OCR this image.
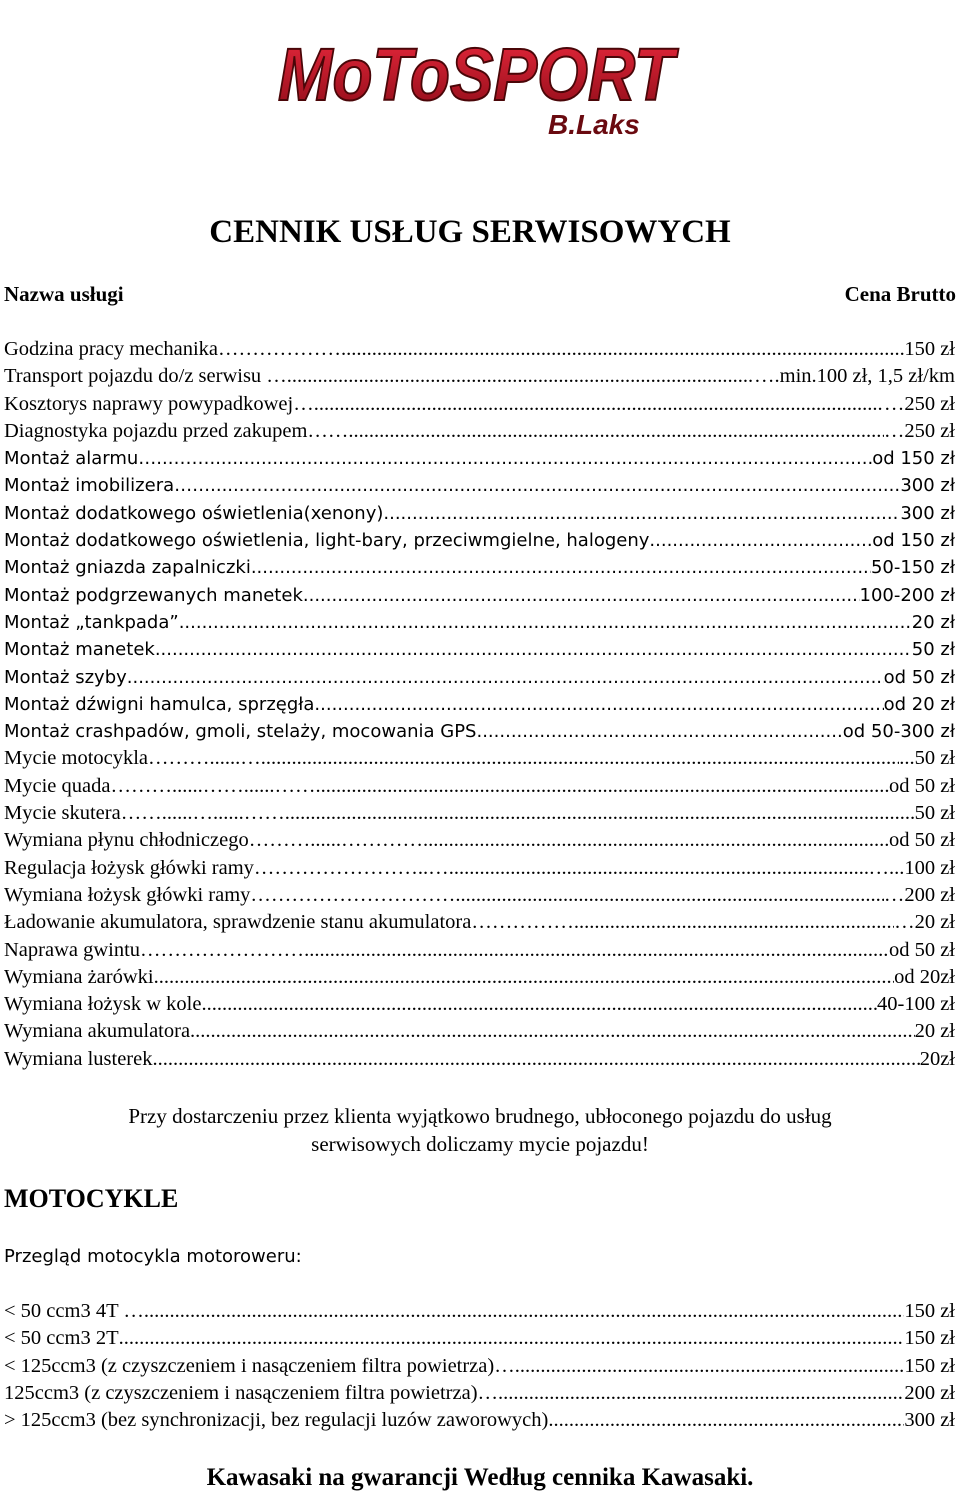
MoToSPORT
B.Laks
CENNIK USŁUG SERWISOWYCH
Nazwa usługi	Cena Brutto
Godzina pracy mechanika……………… .....	150 zł
Transport pojazdu do/z serwisu … .....	….min.100 zł, 1,5 zł/km
Kosztorys naprawy powypadkowej… .....	…250 zł
Diagnostyka pojazdu przed zakupem…… .....	…250 zł
Montaż alarmu…...…… .....	od 150 zł
Montaż imobilizera……......………… .....	300 zł
Montaż dodatkowego oświetlenia(xenony) .....	300 zł
Montaż dodatkowego oświetlenia, light-bary, przeciwmgielne, halogeny .....	od 150 zł
Montaż gniazda zapalniczki .....	50-150 zł
Montaż podgrzewanych manetek .....	100-200 zł
Montaż „tankpada” .....	20 zł
Montaż manetek .....	50 zł
Montaż szyby .....	od 50 zł
Montaż dźwigni hamulca, sprzęgła .....	od 20 zł
Montaż crashpadów, gmoli, stelaży, mocowania GPS .....	od 50-300 zł
Mycie motocykla………......… .....	...50 zł
Mycie quada………......……......…… .....	od 50 zł
Mycie skutera……......…......…… .....	50 zł
Wymiana płynu chłodniczego………......………… .....	od 50 zł
Regulacja łożysk główki ramy……………………..… .....	…...100 zł
Wymiana łożysk główki ramy………………………… .....	…200 zł
Ładowanie akumulatora, sprawdzenie stanu akumulatora…………… .....	…20 zł
Naprawa gwintu…………………… .....	od 50 zł
Wymiana żarówki .....	od 20zł
Wymiana łożysk w kole .....	40-100 zł
Wymiana akumulatora .....	20 zł
Wymiana lusterek .....	20zł
Przy dostarczeniu przez klienta wyjątkowo brudnego, ubłoconego pojazdu do usług serwisowych doliczamy mycie pojazdu!
MOTOCYKLE
Przegląd motocykla motoroweru:
< 50 ccm3 4T … .....	150 zł
< 50 ccm3 2T .....	150 zł
< 125ccm3 (z czyszczeniem i nasączeniem filtra powietrza)… .....	150 zł
125ccm3 (z czyszczeniem i nasączeniem filtra powietrza)… .....	200 zł
> 125ccm3 (bez synchronizacji, bez regulacji luzów zaworowych) .....	300 zł
Kawasaki na gwarancji Według cennika Kawasaki.
